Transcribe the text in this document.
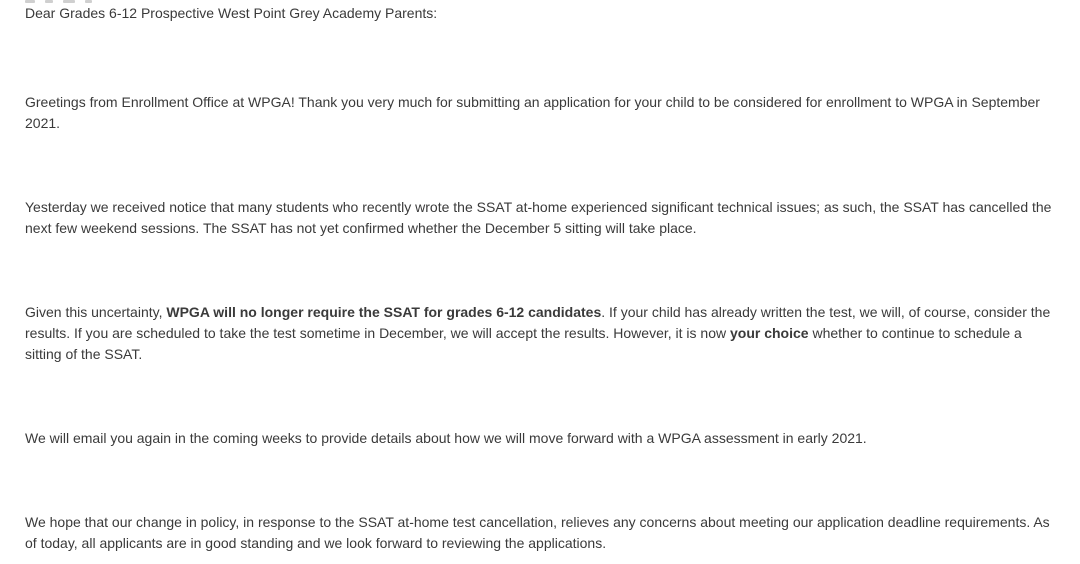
Dear Grades 6-12 Prospective West Point Grey Academy Parents:

Greetings from Enrollment Office at WPGA! Thank you very much for submitting an application for your child to be considered for enrollment to WPGA in September 2021.

Yesterday we received notice that many students who recently wrote the SSAT at-home experienced significant technical issues; as such, the SSAT has cancelled the next few weekend sessions. The SSAT has not yet confirmed whether the December 5 sitting will take place.

Given this uncertainty, WPGA will no longer require the SSAT for grades 6-12 candidates. If your child has already written the test, we will, of course, consider the results. If you are scheduled to take the test sometime in December, we will accept the results. However, it is now your choice whether to continue to schedule a sitting of the SSAT.

We will email you again in the coming weeks to provide details about how we will move forward with a WPGA assessment in early 2021.

We hope that our change in policy, in response to the SSAT at-home test cancellation, relieves any concerns about meeting our application deadline requirements. As of today, all applicants are in good standing and we look forward to reviewing the applications.
